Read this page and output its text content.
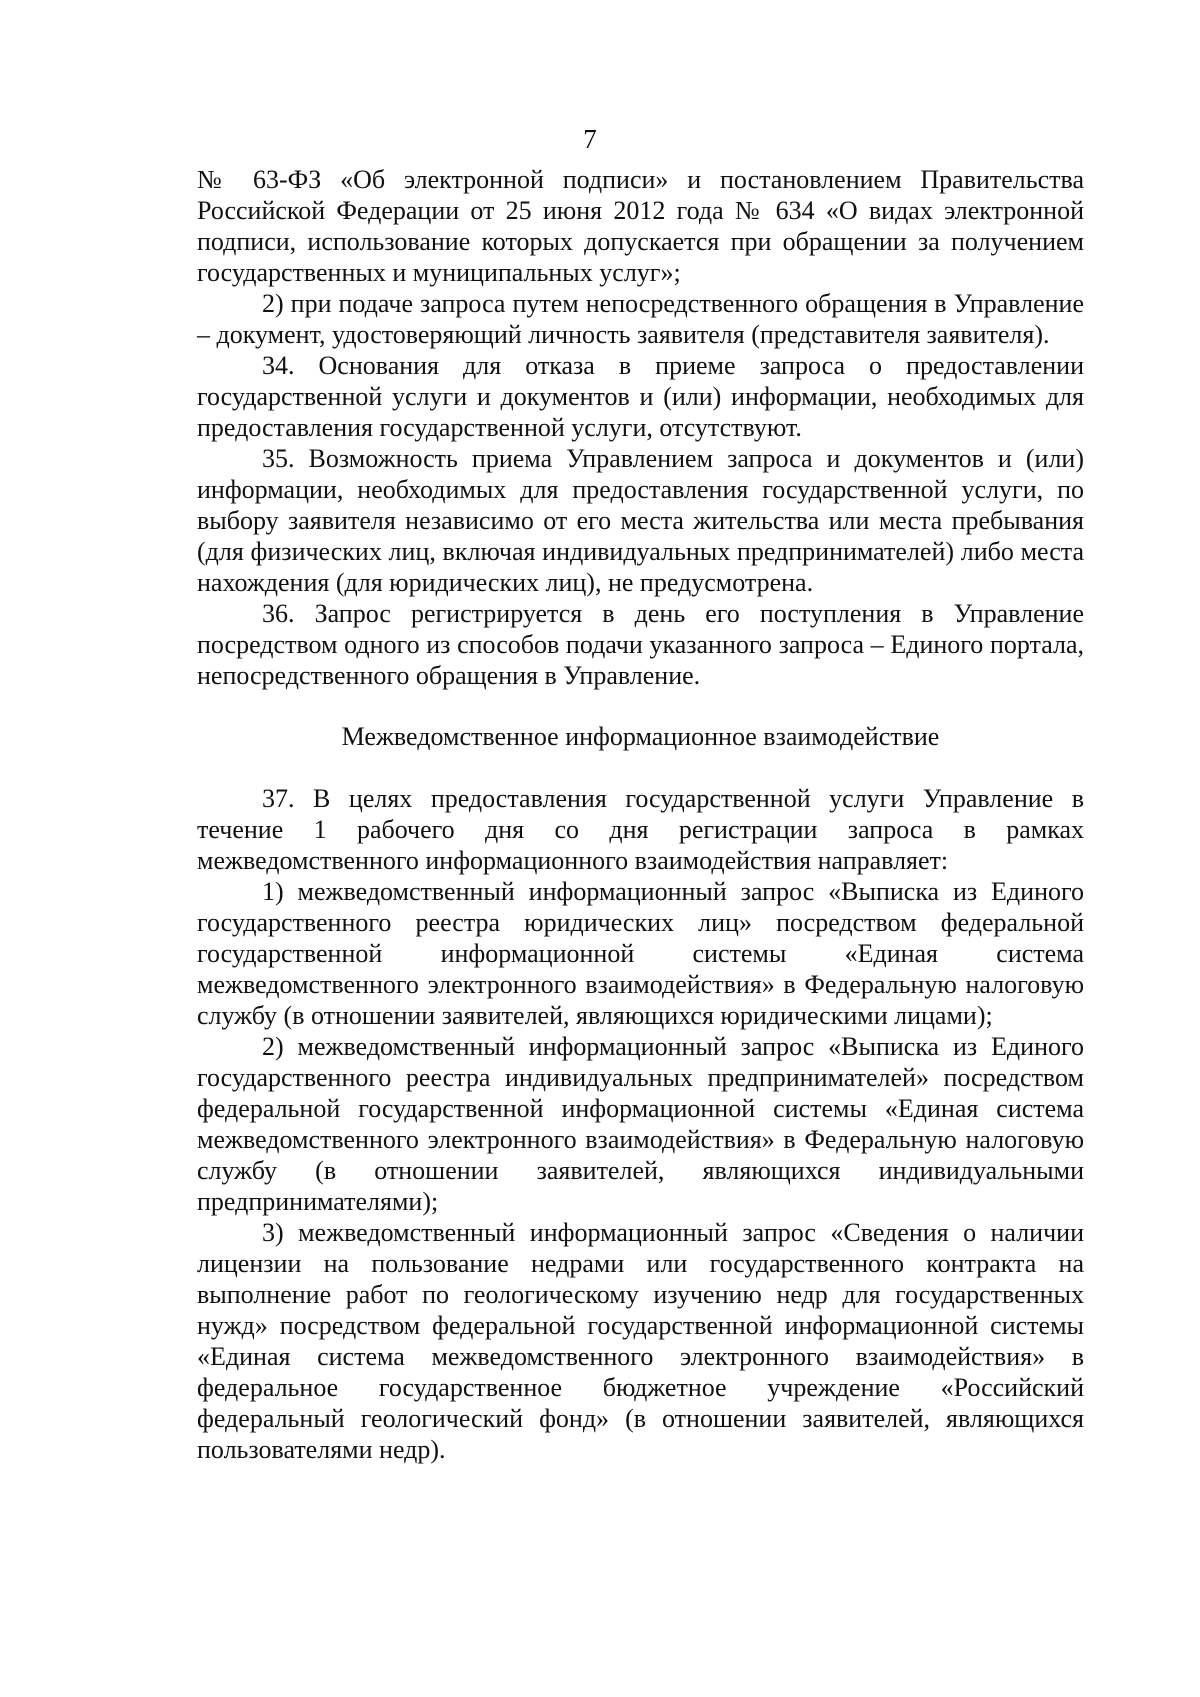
7

№ 63-ФЗ «Об электронной подписи» и постановлением Правительства Российской Федерации от 25 июня 2012 года № 634 «О видах электронной подписи, использование которых допускается при обращении за получением государственных и муниципальных услуг»;

2) при подаче запроса путем непосредственного обращения в Управление – документ, удостоверяющий личность заявителя (представителя заявителя).

34. Основания для отказа в приеме запроса о предоставлении государственной услуги и документов и (или) информации, необходимых для предоставления государственной услуги, отсутствуют.

35. Возможность приема Управлением запроса и документов и (или) информации, необходимых для предоставления государственной услуги, по выбору заявителя независимо от его места жительства или места пребывания (для физических лиц, включая индивидуальных предпринимателей) либо места нахождения (для юридических лиц), не предусмотрена.

36. Запрос регистрируется в день его поступления в Управление посредством одного из способов подачи указанного запроса – Единого портала, непосредственного обращения в Управление.

Межведомственное информационное взаимодействие

37. В целях предоставления государственной услуги Управление в течение 1 рабочего дня со дня регистрации запроса в рамках межведомственного информационного взаимодействия направляет:

1) межведомственный информационный запрос «Выписка из Единого государственного реестра юридических лиц» посредством федеральной государственной информационной системы «Единая система межведомственного электронного взаимодействия» в Федеральную налоговую службу (в отношении заявителей, являющихся юридическими лицами);

2) межведомственный информационный запрос «Выписка из Единого государственного реестра индивидуальных предпринимателей» посредством федеральной государственной информационной системы «Единая система межведомственного электронного взаимодействия» в Федеральную налоговую службу (в отношении заявителей, являющихся индивидуальными предпринимателями);

3) межведомственный информационный запрос «Сведения о наличии лицензии на пользование недрами или государственного контракта на выполнение работ по геологическому изучению недр для государственных нужд» посредством федеральной государственной информационной системы «Единая система межведомственного электронного взаимодействия» в федеральное государственное бюджетное учреждение «Российский федеральный геологический фонд» (в отношении заявителей, являющихся пользователями недр).
